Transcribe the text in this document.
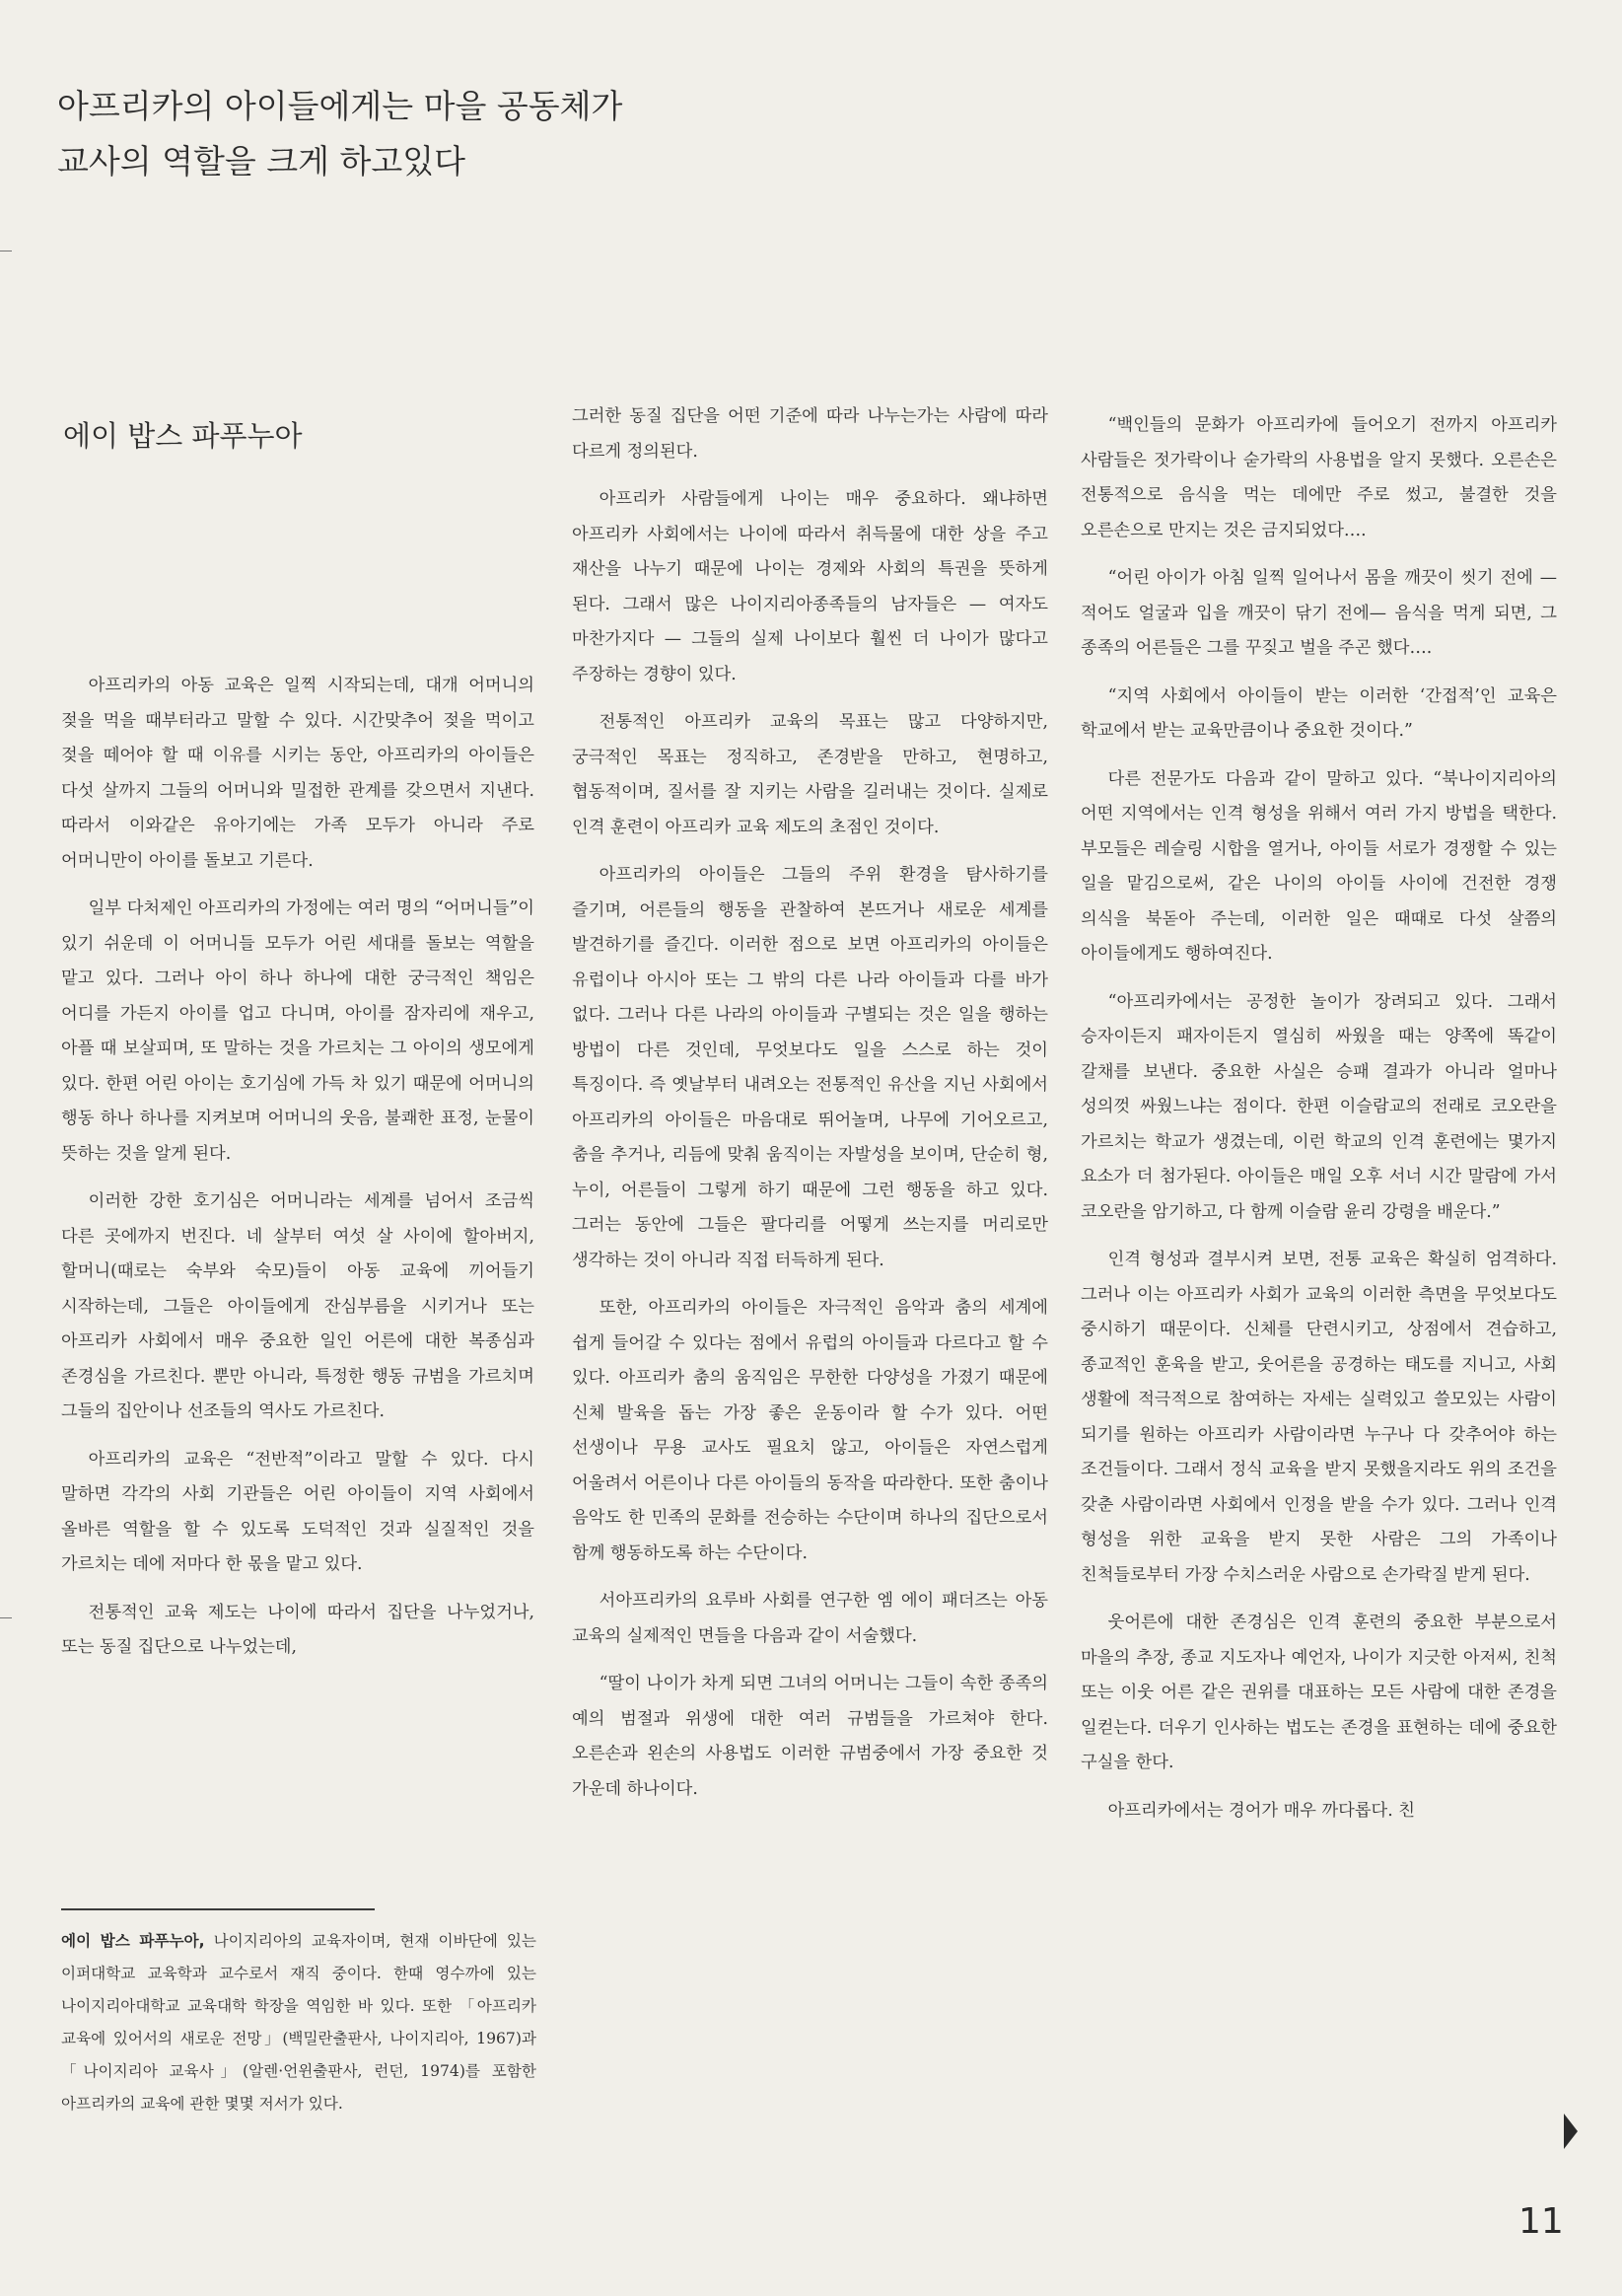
아프리카의 아이들에게는 마을 공동체가
교사의 역할을 크게 하고있다
에이 밥스 파푸누아

아프리카의 아동 교육은 일찍 시작되는데, 대개 어머니의 젖을 먹을 때부터라고 말할 수 있다. 시간맞추어 젖을 먹이고 젖을 떼어야 할 때 이유를 시키는 동안, 아프리카의 아이들은 다섯 살까지 그들의 어머니와 밀접한 관계를 갖으면서 지낸다. 따라서 이와같은 유아기에는 가족 모두가 아니라 주로 어머니만이 아이를 돌보고 기른다.

일부 다처제인 아프리카의 가정에는 여러 명의 “어머니들”이 있기 쉬운데 이 어머니들 모두가 어린 세대를 돌보는 역할을 맡고 있다. 그러나 아이 하나 하나에 대한 궁극적인 책임은 어디를 가든지 아이를 업고 다니며, 아이를 잠자리에 재우고, 아플 때 보살피며, 또 말하는 것을 가르치는 그 아이의 생모에게 있다. 한편 어린 아이는 호기심에 가득 차 있기 때문에 어머니의 행동 하나 하나를 지켜보며 어머니의 웃음, 불쾌한 표정, 눈물이 뜻하는 것을 알게 된다.

이러한 강한 호기심은 어머니라는 세계를 넘어서 조금씩 다른 곳에까지 번진다. 네 살부터 여섯 살 사이에 할아버지, 할머니(때로는 숙부와 숙모)들이 아동 교육에 끼어들기 시작하는데, 그들은 아이들에게 잔심부름을 시키거나 또는 아프리카 사회에서 매우 중요한 일인 어른에 대한 복종심과 존경심을 가르친다. 뿐만 아니라, 특정한 행동 규범을 가르치며 그들의 집안이나 선조들의 역사도 가르친다.

아프리카의 교육은 “전반적”이라고 말할 수 있다. 다시 말하면 각각의 사회 기관들은 어린 아이들이 지역 사회에서 올바른 역할을 할 수 있도록 도덕적인 것과 실질적인 것을 가르치는 데에 저마다 한 몫을 맡고 있다.

전통적인 교육 제도는 나이에 따라서 집단을 나누었거나, 또는 동질 집단으로 나누었는데,

그러한 동질 집단을 어떤 기준에 따라 나누는가는 사람에 따라 다르게 정의된다.

아프리카 사람들에게 나이는 매우 중요하다. 왜냐하면 아프리카 사회에서는 나이에 따라서 취득물에 대한 상을 주고 재산을 나누기 때문에 나이는 경제와 사회의 특권을 뜻하게 된다. 그래서 많은 나이지리아종족들의 남자들은 — 여자도 마찬가지다 — 그들의 실제 나이보다 훨씬 더 나이가 많다고 주장하는 경향이 있다.

전통적인 아프리카 교육의 목표는 많고 다양하지만, 궁극적인 목표는 정직하고, 존경받을 만하고, 현명하고, 협동적이며, 질서를 잘 지키는 사람을 길러내는 것이다. 실제로 인격 훈련이 아프리카 교육 제도의 초점인 것이다.

아프리카의 아이들은 그들의 주위 환경을 탐사하기를 즐기며, 어른들의 행동을 관찰하여 본뜨거나 새로운 세계를 발견하기를 즐긴다. 이러한 점으로 보면 아프리카의 아이들은 유럽이나 아시아 또는 그 밖의 다른 나라 아이들과 다를 바가 없다. 그러나 다른 나라의 아이들과 구별되는 것은 일을 행하는 방법이 다른 것인데, 무엇보다도 일을 스스로 하는 것이 특징이다. 즉 옛날부터 내려오는 전통적인 유산을 지닌 사회에서 아프리카의 아이들은 마음대로 뛰어놀며, 나무에 기어오르고, 춤을 추거나, 리듬에 맞춰 움직이는 자발성을 보이며, 단순히 형, 누이, 어른들이 그렇게 하기 때문에 그런 행동을 하고 있다. 그러는 동안에 그들은 팔다리를 어떻게 쓰는지를 머리로만 생각하는 것이 아니라 직접 터득하게 된다.

또한, 아프리카의 아이들은 자극적인 음악과 춤의 세계에 쉽게 들어갈 수 있다는 점에서 유럽의 아이들과 다르다고 할 수 있다. 아프리카 춤의 움직임은 무한한 다양성을 가졌기 때문에 신체 발육을 돕는 가장 좋은 운동이라 할 수가 있다. 어떤 선생이나 무용 교사도 필요치 않고, 아이들은 자연스럽게 어울려서 어른이나 다른 아이들의 동작을 따라한다. 또한 춤이나 음악도 한 민족의 문화를 전승하는 수단이며 하나의 집단으로서 함께 행동하도록 하는 수단이다.

서아프리카의 요루바 사회를 연구한 엠 에이 패더즈는 아동 교육의 실제적인 면들을 다음과 같이 서술했다.

“딸이 나이가 차게 되면 그녀의 어머니는 그들이 속한 종족의 예의 범절과 위생에 대한 여러 규범들을 가르쳐야 한다. 오른손과 왼손의 사용법도 이러한 규범중에서 가장 중요한 것 가운데 하나이다.

“백인들의 문화가 아프리카에 들어오기 전까지 아프리카 사람들은 젓가락이나 숟가락의 사용법을 알지 못했다. 오른손은 전통적으로 음식을 먹는 데에만 주로 썼고, 불결한 것을 오른손으로 만지는 것은 금지되었다….

“어린 아이가 아침 일찍 일어나서 몸을 깨끗이 씻기 전에 —적어도 얼굴과 입을 깨끗이 닦기 전에— 음식을 먹게 되면, 그 종족의 어른들은 그를 꾸짖고 벌을 주곤 했다….

“지역 사회에서 아이들이 받는 이러한 ‘간접적’인 교육은 학교에서 받는 교육만큼이나 중요한 것이다.”

다른 전문가도 다음과 같이 말하고 있다. “북나이지리아의 어떤 지역에서는 인격 형성을 위해서 여러 가지 방법을 택한다. 부모들은 레슬링 시합을 열거나, 아이들 서로가 경쟁할 수 있는 일을 맡김으로써, 같은 나이의 아이들 사이에 건전한 경쟁 의식을 북돋아 주는데, 이러한 일은 때때로 다섯 살쯤의 아이들에게도 행하여진다.

“아프리카에서는 공정한 놀이가 장려되고 있다. 그래서 승자이든지 패자이든지 열심히 싸웠을 때는 양쪽에 똑같이 갈채를 보낸다. 중요한 사실은 승패 결과가 아니라 얼마나 성의껏 싸웠느냐는 점이다. 한편 이슬람교의 전래로 코오란을 가르치는 학교가 생겼는데, 이런 학교의 인격 훈련에는 몇가지 요소가 더 첨가된다. 아이들은 매일 오후 서너 시간 말람에 가서 코오란을 암기하고, 다 함께 이슬람 윤리 강령을 배운다.”

인격 형성과 결부시켜 보면, 전통 교육은 확실히 엄격하다. 그러나 이는 아프리카 사회가 교육의 이러한 측면을 무엇보다도 중시하기 때문이다. 신체를 단련시키고, 상점에서 견습하고, 종교적인 훈육을 받고, 웃어른을 공경하는 태도를 지니고, 사회 생활에 적극적으로 참여하는 자세는 실력있고 쓸모있는 사람이 되기를 원하는 아프리카 사람이라면 누구나 다 갖추어야 하는 조건들이다. 그래서 정식 교육을 받지 못했을지라도 위의 조건을 갖춘 사람이라면 사회에서 인정을 받을 수가 있다. 그러나 인격 형성을 위한 교육을 받지 못한 사람은 그의 가족이나 친척들로부터 가장 수치스러운 사람으로 손가락질 받게 된다.

웃어른에 대한 존경심은 인격 훈련의 중요한 부분으로서 마을의 추장, 종교 지도자나 예언자, 나이가 지긋한 아저씨, 친척 또는 이웃 어른 같은 권위를 대표하는 모든 사람에 대한 존경을 일컫는다. 더우기 인사하는 법도는 존경을 표현하는 데에 중요한 구실을 한다.

아프리카에서는 경어가 매우 까다롭다. 친

에이 밥스 파푸누아, 나이지리아의 교육자이며, 현재 이바단에 있는 이퍼대학교 교육학과 교수로서 재직 중이다. 한때 영수까에 있는 나이지리아대학교 교육대학 학장을 역임한 바 있다. 또한 「아프리카 교육에 있어서의 새로운 전망」(백밀란출판사, 나이지리아, 1967)과 「나이지리아 교육사」(알렌·언윈출판사, 런던, 1974)를 포함한 아프리카의 교육에 관한 몇몇 저서가 있다.
11
